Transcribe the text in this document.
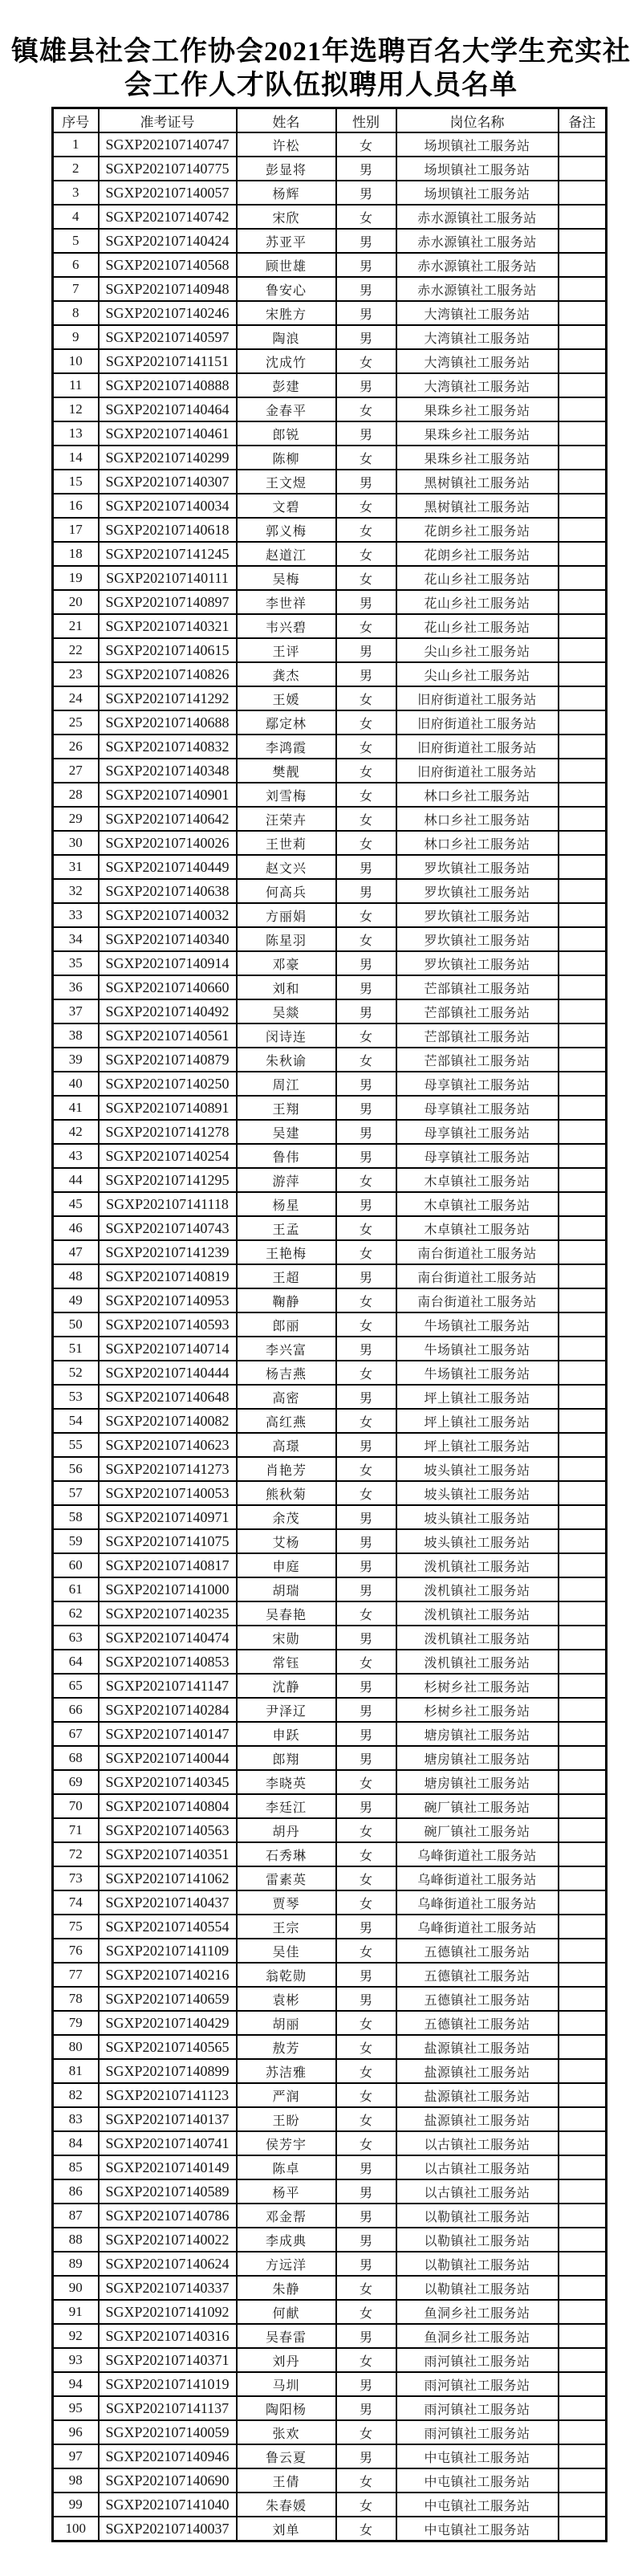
镇雄县社会工作协会2021年选聘百名大学生充实社
会工作人才队伍拟聘用人员名单
序号	准考证号	姓名	性别	岗位名称	备注
1	SGXP202107140747	许松	女	场坝镇社工服务站	
2	SGXP202107140775	彭显将	男	场坝镇社工服务站	
3	SGXP202107140057	杨辉	男	场坝镇社工服务站	
4	SGXP202107140742	宋欣	女	赤水源镇社工服务站	
5	SGXP202107140424	苏亚平	男	赤水源镇社工服务站	
6	SGXP202107140568	顾世雄	男	赤水源镇社工服务站	
7	SGXP202107140948	鲁安心	男	赤水源镇社工服务站	
8	SGXP202107140246	宋胜方	男	大湾镇社工服务站	
9	SGXP202107140597	陶浪	男	大湾镇社工服务站	
10	SGXP202107141151	沈成竹	女	大湾镇社工服务站	
11	SGXP202107140888	彭建	男	大湾镇社工服务站	
12	SGXP202107140464	金春平	女	果珠乡社工服务站	
13	SGXP202107140461	郎锐	男	果珠乡社工服务站	
14	SGXP202107140299	陈柳	女	果珠乡社工服务站	
15	SGXP202107140307	王文煜	男	黑树镇社工服务站	
16	SGXP202107140034	文碧	女	黑树镇社工服务站	
17	SGXP202107140618	郭义梅	女	花朗乡社工服务站	
18	SGXP202107141245	赵道江	女	花朗乡社工服务站	
19	SGXP202107140111	吴梅	女	花山乡社工服务站	
20	SGXP202107140897	李世祥	男	花山乡社工服务站	
21	SGXP202107140321	韦兴碧	女	花山乡社工服务站	
22	SGXP202107140615	王评	男	尖山乡社工服务站	
23	SGXP202107140826	龚杰	男	尖山乡社工服务站	
24	SGXP202107141292	王媛	女	旧府街道社工服务站	
25	SGXP202107140688	鄢定林	女	旧府街道社工服务站	
26	SGXP202107140832	李鸿霞	女	旧府街道社工服务站	
27	SGXP202107140348	樊靓	女	旧府街道社工服务站	
28	SGXP202107140901	刘雪梅	女	林口乡社工服务站	
29	SGXP202107140642	汪荣卉	女	林口乡社工服务站	
30	SGXP202107140026	王世莉	女	林口乡社工服务站	
31	SGXP202107140449	赵文兴	男	罗坎镇社工服务站	
32	SGXP202107140638	何高兵	男	罗坎镇社工服务站	
33	SGXP202107140032	方丽娟	女	罗坎镇社工服务站	
34	SGXP202107140340	陈星羽	女	罗坎镇社工服务站	
35	SGXP202107140914	邓豪	男	罗坎镇社工服务站	
36	SGXP202107140660	刘和	男	芒部镇社工服务站	
37	SGXP202107140492	吴燚	男	芒部镇社工服务站	
38	SGXP202107140561	闵诗连	女	芒部镇社工服务站	
39	SGXP202107140879	朱秋谕	女	芒部镇社工服务站	
40	SGXP202107140250	周江	男	母享镇社工服务站	
41	SGXP202107140891	王翔	男	母享镇社工服务站	
42	SGXP202107141278	吴建	男	母享镇社工服务站	
43	SGXP202107140254	鲁伟	男	母享镇社工服务站	
44	SGXP202107141295	游萍	女	木卓镇社工服务站	
45	SGXP202107141118	杨星	男	木卓镇社工服务站	
46	SGXP202107140743	王孟	女	木卓镇社工服务站	
47	SGXP202107141239	王艳梅	女	南台街道社工服务站	
48	SGXP202107140819	王超	男	南台街道社工服务站	
49	SGXP202107140953	鞠静	女	南台街道社工服务站	
50	SGXP202107140593	郎丽	女	牛场镇社工服务站	
51	SGXP202107140714	李兴富	男	牛场镇社工服务站	
52	SGXP202107140444	杨吉燕	女	牛场镇社工服务站	
53	SGXP202107140648	高密	男	坪上镇社工服务站	
54	SGXP202107140082	高红燕	女	坪上镇社工服务站	
55	SGXP202107140623	高璟	男	坪上镇社工服务站	
56	SGXP202107141273	肖艳芳	女	坡头镇社工服务站	
57	SGXP202107140053	熊秋菊	女	坡头镇社工服务站	
58	SGXP202107140971	余茂	男	坡头镇社工服务站	
59	SGXP202107141075	艾杨	男	坡头镇社工服务站	
60	SGXP202107140817	申庭	男	泼机镇社工服务站	
61	SGXP202107141000	胡瑞	男	泼机镇社工服务站	
62	SGXP202107140235	吴春艳	女	泼机镇社工服务站	
63	SGXP202107140474	宋勋	男	泼机镇社工服务站	
64	SGXP202107140853	常钰	女	泼机镇社工服务站	
65	SGXP202107141147	沈静	男	杉树乡社工服务站	
66	SGXP202107140284	尹泽辽	男	杉树乡社工服务站	
67	SGXP202107140147	申跃	男	塘房镇社工服务站	
68	SGXP202107140044	郎翔	男	塘房镇社工服务站	
69	SGXP202107140345	李晓英	女	塘房镇社工服务站	
70	SGXP202107140804	李廷江	男	碗厂镇社工服务站	
71	SGXP202107140563	胡丹	女	碗厂镇社工服务站	
72	SGXP202107140351	石秀琳	女	乌峰街道社工服务站	
73	SGXP202107141062	雷素英	女	乌峰街道社工服务站	
74	SGXP202107140437	贾琴	女	乌峰街道社工服务站	
75	SGXP202107140554	王宗	男	乌峰街道社工服务站	
76	SGXP202107141109	吴佳	女	五德镇社工服务站	
77	SGXP202107140216	翁乾勋	男	五德镇社工服务站	
78	SGXP202107140659	袁彬	男	五德镇社工服务站	
79	SGXP202107140429	胡丽	女	五德镇社工服务站	
80	SGXP202107140565	敖芳	女	盐源镇社工服务站	
81	SGXP202107140899	苏洁雅	女	盐源镇社工服务站	
82	SGXP202107141123	严润	女	盐源镇社工服务站	
83	SGXP202107140137	王盼	女	盐源镇社工服务站	
84	SGXP202107140741	侯芳宇	女	以古镇社工服务站	
85	SGXP202107140149	陈卓	男	以古镇社工服务站	
86	SGXP202107140589	杨平	男	以古镇社工服务站	
87	SGXP202107140786	邓金帮	男	以勒镇社工服务站	
88	SGXP202107140022	李成典	男	以勒镇社工服务站	
89	SGXP202107140624	方远洋	男	以勒镇社工服务站	
90	SGXP202107140337	朱静	女	以勒镇社工服务站	
91	SGXP202107141092	何献	女	鱼洞乡社工服务站	
92	SGXP202107140316	吴春雷	男	鱼洞乡社工服务站	
93	SGXP202107140371	刘丹	女	雨河镇社工服务站	
94	SGXP202107141019	马圳	男	雨河镇社工服务站	
95	SGXP202107141137	陶阳杨	男	雨河镇社工服务站	
96	SGXP202107140059	张欢	女	雨河镇社工服务站	
97	SGXP202107140946	鲁云夏	男	中屯镇社工服务站	
98	SGXP202107140690	王倩	女	中屯镇社工服务站	
99	SGXP202107141040	朱春媛	女	中屯镇社工服务站	
100	SGXP202107140037	刘单	女	中屯镇社工服务站	
